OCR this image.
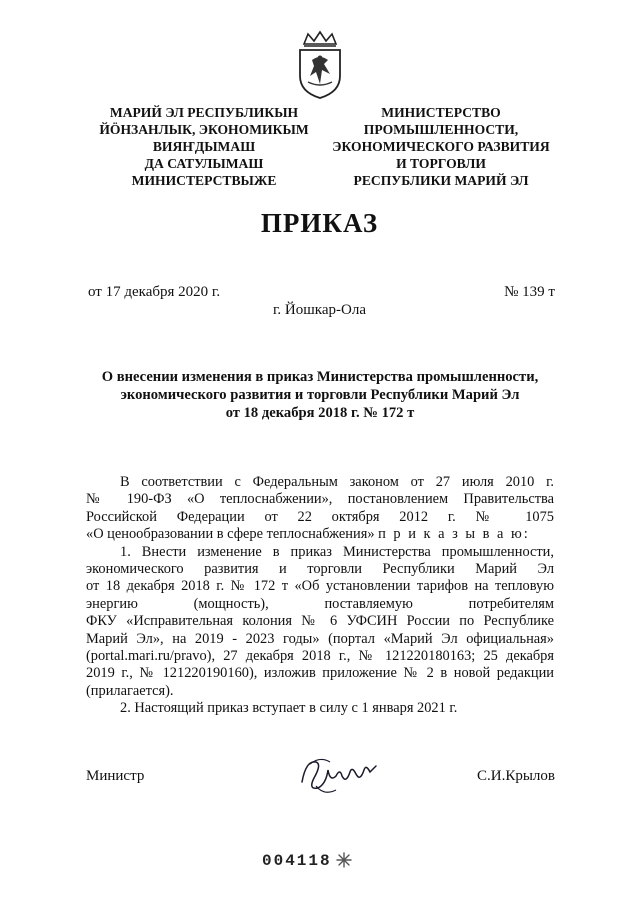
МАРИЙ ЭЛ РЕСПУБЛИКЫН
ЙӦНЗАНЛЫК, ЭКОНОМИКЫМ
ВИЯҤДЫМАШ
ДА САТУЛЫМАШ
МИНИСТЕРСТВЫЖЕ
МИНИСТЕРСТВО
ПРОМЫШЛЕННОСТИ,
ЭКОНОМИЧЕСКОГО РАЗВИТИЯ
И ТОРГОВЛИ
РЕСПУБЛИКИ МАРИЙ ЭЛ
ПРИКАЗ
от 17 декабря 2020 г.	№ 139 т
г. Йошкар-Ола
О внесении изменения в приказ Министерства промышленности,
экономического развития и торговли Республики Марий Эл
от 18 декабря 2018 г. № 172 т
В соответствии с Федеральным законом от 27 июля 2010 г.
№ 190-ФЗ «О теплоснабжении», постановлением Правительства
Российской Федерации от 22 октября 2012 г. № 1075
«О ценообразовании в сфере теплоснабжения» п р и к а з ы в а ю:
1. Внести изменение в приказ Министерства промышленности,
экономического развития и торговли Республики Марий Эл
от 18 декабря 2018 г. № 172 т «Об установлении тарифов на тепловую
энергию (мощность), поставляемую потребителям
ФКУ «Исправительная колония № 6 УФСИН России по Республике
Марий Эл», на 2019 - 2023 годы» (портал «Марий Эл официальная»
(portal.mari.ru/pravo), 27 декабря 2018 г., № 121220180163; 25 декабря
2019 г., № 121220190160), изложив приложение № 2 в новой редакции
(прилагается).
2. Настоящий приказ вступает в силу с 1 января 2021 г.
Министр	С.И.Крылов
004118
